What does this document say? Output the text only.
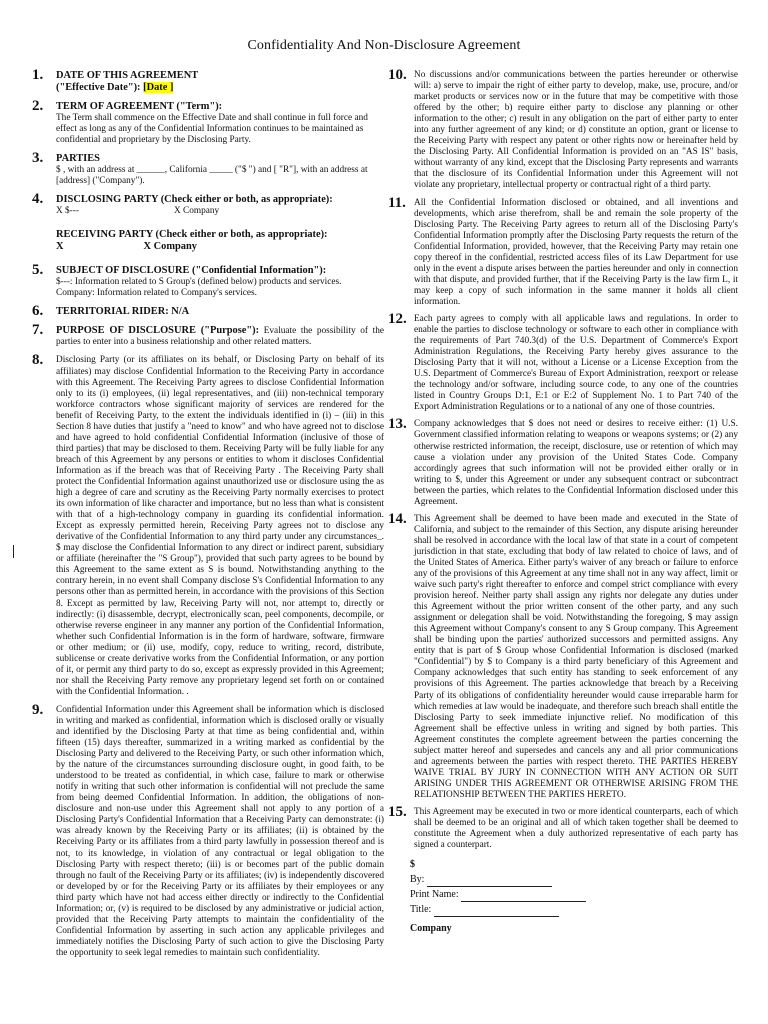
Confidentiality And Non-Disclosure Agreement
1. DATE OF THIS AGREEMENT
("Effective Date"): [Date ]
2. TERM OF AGREEMENT ("Term"):
The Term shall commence on the Effective Date and shall continue in full force and effect as long as any of the Confidential Information continues to be maintained as confidential and proprietary by the Disclosing Party.
3. PARTIES
$ , with an address at ______, California _____ ("$ ") and [ "R"], with an address at [address] ("Company").
4. DISCLOSING PARTY (Check either or both, as appropriate):
X $---	X Company
RECEIVING PARTY (Check either or both, as appropriate):
X	X Company
5. SUBJECT OF DISCLOSURE ("Confidential Information"):
$---: Information related to S Group's (defined below) products and services.
Company: Information related to Company's services.
6. TERRITORIAL RIDER: N/A
7. PURPOSE OF DISCLOSURE ("Purpose"): Evaluate the possibility of the parties to enter into a business relationship and other related matters.
8. Disclosing Party (or its affiliates on its behalf, or Disclosing Party on behalf of its affiliates) may disclose Confidential Information to the Receiving Party in accordance with this Agreement. The Receiving Party agrees to disclose Confidential Information only to its (i) employees, (ii) legal representatives, and (iii) non-technical temporary workforce contractors whose significant majority of services are rendered for the benefit of Receiving Party, to the extent the individuals identified in (i) – (iii) in this Section 8 have duties that justify a "need to know" and who have agreed not to disclose and have agreed to hold confidential Confidential Information (inclusive of those of third parties) that may be disclosed to them. Receiving Party will be fully liable for any breach of this Agreement by any persons or entities to whom it discloses Confidential Information as if the breach was that of Receiving Party . The Receiving Party shall protect the Confidential Information against unauthorized use or disclosure using the as high a degree of care and scrutiny as the Receiving Party normally exercises to protect its own information of like character and importance, but no less than what is consistent with that of a high-technology company in guarding its confidential information. Except as expressly permitted herein, Receiving Party agrees not to disclose any derivative of the Confidential Information to any third party under any circumstances_. $ may disclose the Confidential Information to any direct or indirect parent, subsidiary or affiliate (hereinafter the "S Group"), provided that such party agrees to be bound by this Agreement to the same extent as S is bound. Notwithstanding anything to the contrary herein, in no event shall Company disclose S's Confidential Information to any persons other than as permitted herein, in accordance with the provisions of this Section 8. Except as permitted by law, Receiving Party will not, nor attempt to, directly or indirectly: (i) disassemble, decrypt, electronically scan, peel components, decompile, or otherwise reverse engineer in any manner any portion of the Confidential Information, whether such Confidential Information is in the form of hardware, software, firmware or other medium; or (ii) use, modify, copy, reduce to writing, record, distribute, sublicense or create derivative works from the Confidential Information, or any portion of it, or permit any third party to do so, except as expressly provided in this Agreement; nor shall the Receiving Party remove any proprietary legend set forth on or contained with the Confidential Information. .
9. Confidential Information under this Agreement shall be information which is disclosed in writing and marked as confidential, information which is disclosed orally or visually and identified by the Disclosing Party at that time as being confidential and, within fifteen (15) days thereafter, summarized in a writing marked as confidential by the Disclosing Party and delivered to the Receiving Party, or such other information which, by the nature of the circumstances surrounding disclosure ought, in good faith, to be understood to be treated as confidential, in which case, failure to mark or otherwise notify in writing that such other information is confidential will not preclude the same from being deemed Confidential Information. In addition, the obligations of non-disclosure and non-use under this Agreement shall not apply to any portion of a Disclosing Party's Confidential Information that a Receiving Party can demonstrate: (i) was already known by the Receiving Party or its affiliates; (ii) is obtained by the Receiving Party or its affiliates from a third party lawfully in possession thereof and is not, to its knowledge, in violation of any contractual or legal obligation to the Disclosing Party with respect thereto; (iii) is or becomes part of the public domain through no fault of the Receiving Party or its affiliates; (iv) is independently discovered or developed by or for the Receiving Party or its affiliates by their employees or any third party which have not had access either directly or indirectly to the Confidential Information; or, (v) is required to be disclosed by any administrative or judicial action, provided that the Receiving Party attempts to maintain the confidentiality of the Confidential Information by asserting in such action any applicable privileges and immediately notifies the Disclosing Party of such action to give the Disclosing Party the opportunity to seek legal remedies to maintain such confidentiality.
10. No discussions and/or communications between the parties hereunder or otherwise will: a) serve to impair the right of either party to develop, make, use, procure, and/or market products or services now or in the future that may be competitive with those offered by the other; b) require either party to disclose any planning or other information to the other; c) result in any obligation on the part of either party to enter into any further agreement of any kind; or d) constitute an option, grant or license to the Receiving Party with respect any patent or other rights now or hereinafter held by the Disclosing Party. All Confidential Information is provided on an "AS IS" basis, without warranty of any kind, except that the Disclosing Party represents and warrants that the disclosure of its Confidential Information under this Agreement will not violate any proprietary, intellectual property or contractual right of a third party.
11. All the Confidential Information disclosed or obtained, and all inventions and developments, which arise therefrom, shall be and remain the sole property of the Disclosing Party. The Receiving Party agrees to return all of the Disclosing Party's Confidential Information promptly after the Disclosing Party requests the return of the Confidential Information, provided, however, that the Receiving Party may retain one copy thereof in the confidential, restricted access files of its Law Department for use only in the event a dispute arises between the parties hereunder and only in connection with that dispute, and provided further, that if the Receiving Party is the law firm L, it may keep a copy of such information in the same manner it holds all client information.
12. Each party agrees to comply with all applicable laws and regulations. In order to enable the parties to disclose technology or software to each other in compliance with the requirements of Part 740.3(d) of the U.S. Department of Commerce's Export Administration Regulations, the Receiving Party hereby gives assurance to the Disclosing Party that it will not, without a License or a License Exception from the U.S. Department of Commerce's Bureau of Export Administration, reexport or release the technology and/or software, including source code, to any one of the countries listed in Country Groups D:1, E:1 or E:2 of Supplement No. 1 to Part 740 of the Export Administration Regulations or to a national of any one of those countries.
13. Company acknowledges that $ does not need or desires to receive either: (1) U.S. Government classified information relating to weapons or weapons systems; or (2) any otherwise restricted information, the receipt, disclosure, use or retention of which may cause a violation under any provision of the United States Code. Company accordingly agrees that such information will not be provided either orally or in writing to $, under this Agreement or under any subsequent contract or subcontract between the parties, which relates to the Confidential Information disclosed under this Agreement.
14. This Agreement shall be deemed to have been made and executed in the State of California, and subject to the remainder of this Section, any dispute arising hereunder shall be resolved in accordance with the local law of that state in a court of competent jurisdiction in that state, excluding that body of law related to choice of laws, and of the United States of America. Either party's waiver of any breach or failure to enforce any of the provisions of this Agreement at any time shall not in any way affect, limit or waive such party's right thereafter to enforce and compel strict compliance with every provision hereof. Neither party shall assign any rights nor delegate any duties under this Agreement without the prior written consent of the other party, and any such assignment or delegation shall be void. Notwithstanding the foregoing, $ may assign this Agreement without Company's consent to any S Group company. This Agreement shall be binding upon the parties' authorized successors and permitted assigns. Any entity that is part of $ Group whose Confidential Information is disclosed (marked "Confidential") by $ to Company is a third party beneficiary of this Agreement and Company acknowledges that such entity has standing to seek enforcement of any provisions of this Agreement. The parties acknowledge that breach by a Receiving Party of its obligations of confidentiality hereunder would cause irreparable harm for which remedies at law would be inadequate, and therefore such breach shall entitle the Disclosing Party to seek immediate injunctive relief. No modification of this Agreement shall be effective unless in writing and signed by both parties. This Agreement constitutes the complete agreement between the parties concerning the subject matter hereof and supersedes and cancels any and all prior communications and agreements between the parties with respect thereto. THE PARTIES HEREBY WAIVE TRIAL BY JURY IN CONNECTION WITH ANY ACTION OR SUIT ARISING UNDER THIS AGREEMENT OR OTHERWISE ARISING FROM THE RELATIONSHIP BETWEEN THE PARTIES HERETO.
15. This Agreement may be executed in two or more identical counterparts, each of which shall be deemed to be an original and all of which taken together shall be deemed to constitute the Agreement when a duly authorized representative of each party has signed a counterpart.
$
By:
Print Name:
Title:
Company
